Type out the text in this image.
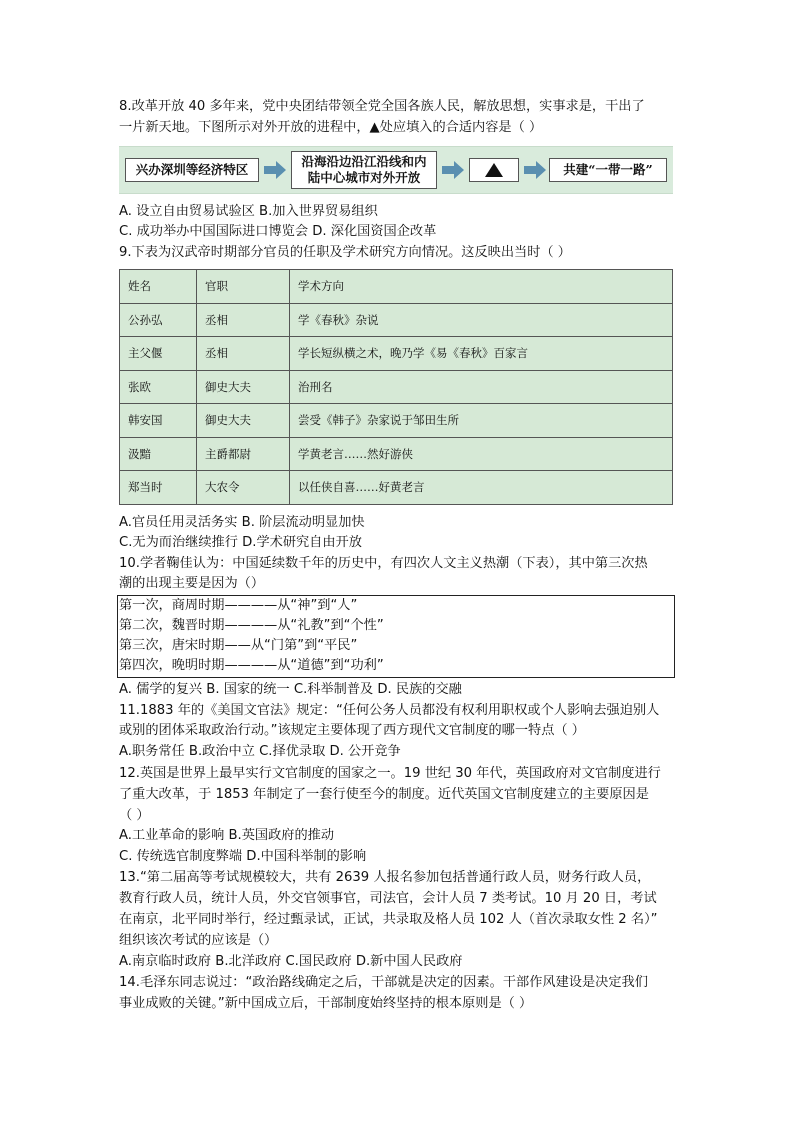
8.改革开放 40 多年来，党中央团结带领全党全国各族人民，解放思想，实事求是，干出了
一片新天地。下图所示对外开放的进程中，▲处应填入的合适内容是（ ）
兴办深圳等经济特区
沿海沿边沿江沿线和内
陆中心城市对外开放
共建“一带一路”
A. 设立自由贸易试验区 B.加入世界贸易组织
C. 成功举办中国国际进口博览会 D. 深化国资国企改革
9.下表为汉武帝时期部分官员的任职及学术研究方向情况。这反映出当时（ ）
姓名	官职	学术方向
公孙弘	丞相	学《春秋》杂说
主父偃	丞相	学长短纵横之术，晚乃学《易《春秋》百家言
张欧	御史大夫	治刑名
韩安国	御史大夫	尝受《韩子》杂家说于邹田生所
汲黯	主爵都尉	学黄老言……然好游侠
郑当时	大农令	以任侠自喜……好黄老言
A.官员任用灵活务实 B. 阶层流动明显加快
C.无为而治继续推行 D.学术研究自由开放
10.学者鞠佳认为：中国延续数千年的历史中，有四次人文主义热潮（下表），其中第三次热
潮的出现主要是因为（）
第一次，商周时期————从“神”到“人”
第二次，魏晋时期————从“礼教”到“个性”
第三次，唐宋时期——从“门第”到“平民”
第四次，晚明时期————从“道德”到“功利”
A. 儒学的复兴 B. 国家的统一 C.科举制普及 D. 民族的交融
11.1883 年的《美国文官法》规定：“任何公务人员都没有权利用职权或个人影响去强迫别人
或别的团体采取政治行动。”该规定主要体现了西方现代文官制度的哪一特点（ ）
A.职务常任 B.政治中立 C.择优录取 D. 公开竞争
12.英国是世界上最早实行文官制度的国家之一。19 世纪 30 年代，英国政府对文官制度进行
了重大改革，于 1853 年制定了一套行使至今的制度。近代英国文官制度建立的主要原因是
（ ）
A.工业革命的影响 B.英国政府的推动
C. 传统选官制度弊端 D.中国科举制的影响
13.“第二届高等考试规模较大，共有 2639 人报名参加包括普通行政人员，财务行政人员，
教育行政人员，统计人员，外交官领事官，司法官，会计人员 7 类考试。10 月 20 日，考试
在南京，北平同时举行，经过甄录试，正试，共录取及格人员 102 人（首次录取女性 2 名）”
组织该次考试的应该是（）
A.南京临时政府 B.北洋政府 C.国民政府 D.新中国人民政府
14.毛泽东同志说过：“政治路线确定之后，干部就是决定的因素。干部作风建设是决定我们
事业成败的关键。”新中国成立后，干部制度始终坚持的根本原则是（ ）
